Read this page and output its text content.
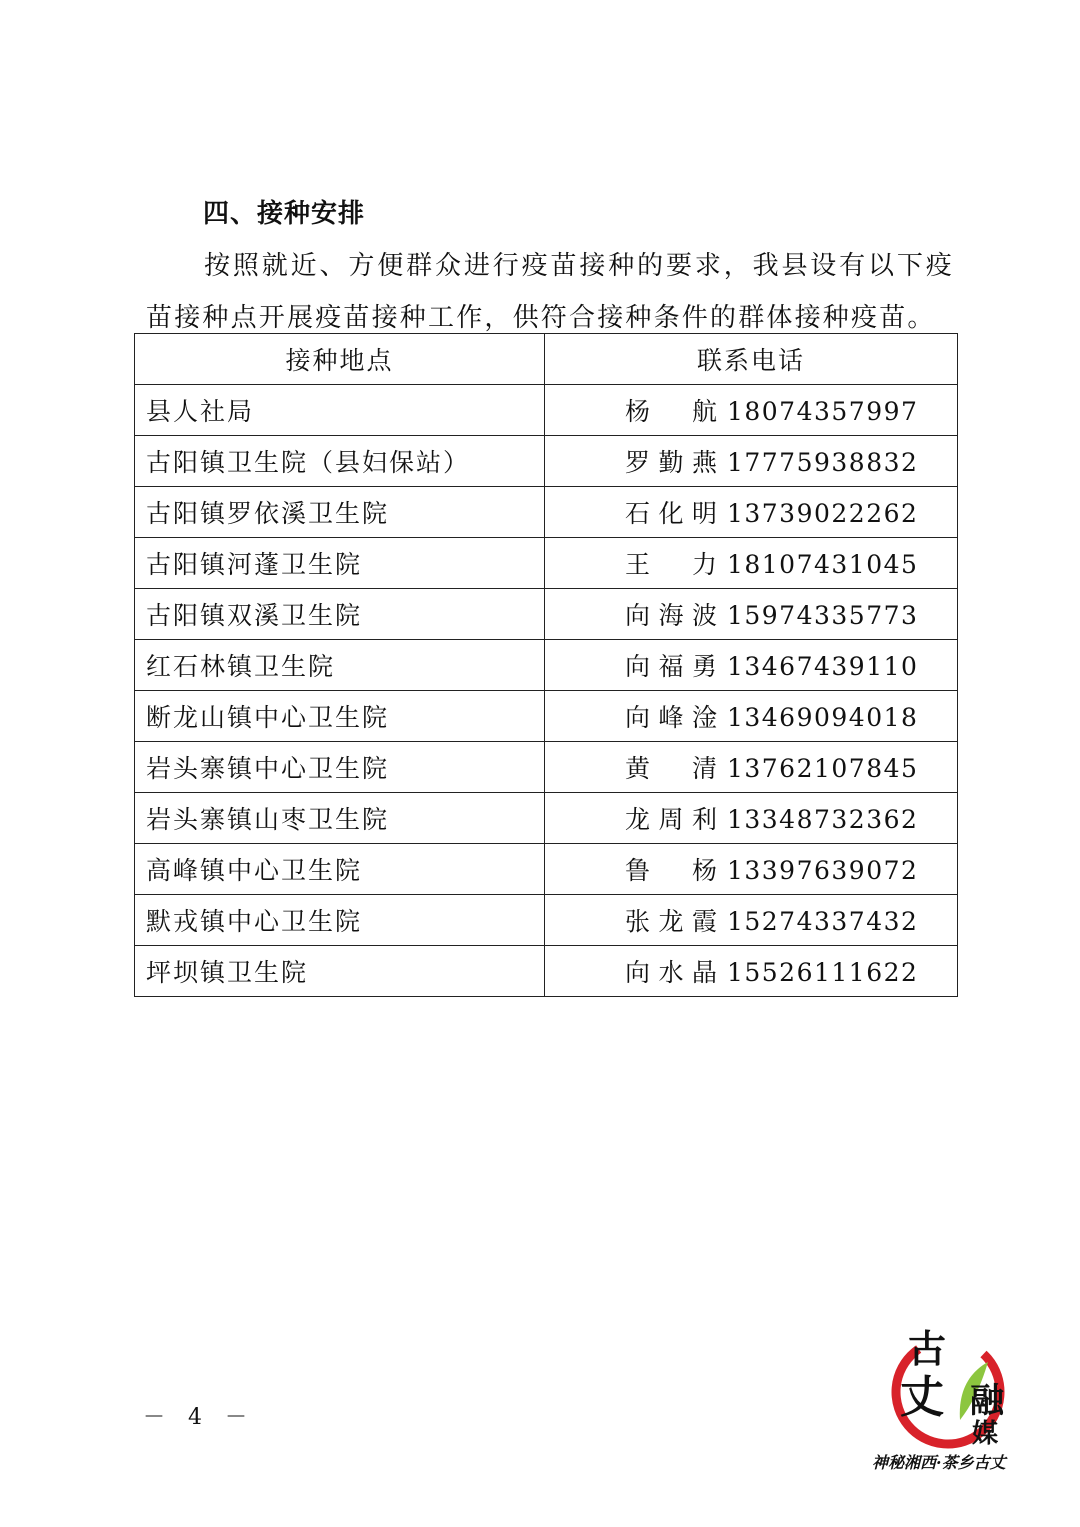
四、接种安排
按照就近、方便群众进行疫苗接种的要求，我县设有以下疫苗接种点开展疫苗接种工作，供符合接种条件的群体接种疫苗。
接种地点	联系电话
县人社局	杨　航 18074357997
古阳镇卫生院（县妇保站）	罗勤燕 17775938832
古阳镇罗依溪卫生院	石化明 13739022262
古阳镇河蓬卫生院	王　力 18107431045
古阳镇双溪卫生院	向海波 15974335773
红石林镇卫生院	向福勇 13467439110
断龙山镇中心卫生院	向峰淦 13469094018
岩头寨镇中心卫生院	黄　清 13762107845
岩头寨镇山枣卫生院	龙周利 13348732362
高峰镇中心卫生院	鲁　杨 13397639072
默戎镇中心卫生院	张龙霞 15274337432
坪坝镇卫生院	向水晶 15526111622
－ 4 －
古
丈 融
媒
神秘湘西·茶乡古丈
